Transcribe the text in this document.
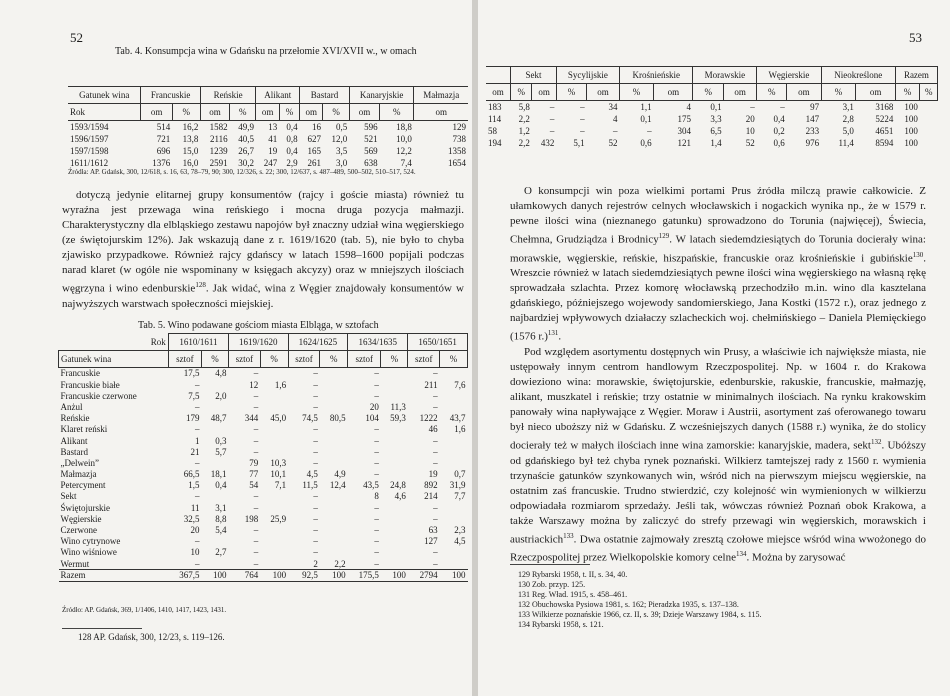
52
Tab. 4. Konsumpcja wina w Gdańsku na przełomie XVI/XVII w., w omach
Gatunek wina	Francuskie		Reńskie		Alikant		Bastard		Kanaryjskie		Małmazja
Rok	om	%	om	%	om	%	om	%	om	%	om
1593/1594	514	16,2	1582	49,9	13	0,4	16	0,5	596	18,8	129
1596/1597	721	13,8	2116	40,5	41	0,8	627	12,0	521	10,0	738
1597/1598	696	15,0	1239	26,7	19	0,4	165	3,5	569	12,2	1358
1611/1612	1376	16,0	2591	30,2	247	2,9	261	3,0	638	7,4	1654
Źródła: AP. Gdańsk, 300, 12/618, s. 16, 63, 78–79, 90; 300, 12/326, s. 22; 300, 12/637, s. 487–489, 500–502, 510–517, 524.

dotyczą jedynie elitarnej grupy konsumentów (rajcy i goście miasta) również tu wyraźna jest przewaga wina reńskiego i mocna druga pozycja małmazji. Charakterystyczny dla elbląskiego zestawu napojów był znaczny udział wina węgierskiego (ze świętojurskim 12%). Jak wskazują dane z r. 1619/1620 (tab. 5), nie było to chyba zjawisko przypadkowe. Również rajcy gdańscy w latach 1598–1600 popijali podczas narad klaret (w ogóle nie wspominany w księgach akcyzy) oraz w mniejszych ilościach węgrzyna i wino edenburskie$^{128}$. Jak widać, wina z Węgier znajdowały konsumentów w najwyższych warstwach społeczności miejskiej.

Tab. 5. Wino podawane gościom miasta Elbląga, w sztofach
Rok	1610/1611		1619/1620		1624/1625		1634/1635		1650/1651	
Gatunek wina	sztof	%	sztof	%	sztof	%	sztof	%	sztof	%
Francuskie	17,5	4,8	–		–		–		–	
Francuskie białe	–		12	1,6	–		–		211	7,6
Francuskie czerwone	7,5	2,0	–		–		–		–	
Anżul	–		–		–		20	11,3	–	
Reńskie	179	48,7	344	45,0	74,5	80,5	104	59,3	1222	43,7
Klaret reński	–		–		–		–		46	1,6
Alikant	1	0,3	–		–		–		–	
Bastard	21	5,7	–		–		–		–	
„Delwein”	–		79	10,3	–		–		–	
Małmazja	66,5	18,1	77	10,1	4,5	4,9	–		19	0,7
Petercyment	1,5	0,4	54	7,1	11,5	12,4	43,5	24,8	892	31,9
Sekt	–		–		–		8	4,6	214	7,7
Świętojurskie	11	3,1	–		–		–		–	
Węgierskie	32,5	8,8	198	25,9	–		–		–	
Czerwone	20	5,4	–		–		–		63	2,3
Wino cytrynowe	–		–		–		–		127	4,5
Wino wiśniowe	10	2,7	–		–		–		–	
Wermut	–		–		2	2,2	–		–	
Razem	367,5	100	764	100	92,5	100	175,5	100	2794	100
Źródło: AP. Gdańsk, 369, 1/1406, 1410, 1417, 1423, 1431.
128 AP. Gdańsk, 300, 12/23, s. 119–126.
53
	Sekt		Sycylijskie		Krośnieńskie		Morawskie		Węgierskie		Nieokreślone		Razem	
om	%	om	%	om	%	om	%	om	%	om	%	om	%	%
183	5,8	–	–	34	1,1	4	0,1	–	–	97	3,1	3168	100	
114	2,2	–	–	4	0,1	175	3,3	20	0,4	147	2,8	5224	100	
58	1,2	–	–	–	–	304	6,5	10	0,2	233	5,0	4651	100	
194	2,2	432	5,1	52	0,6	121	1,4	52	0,6	976	11,4	8594	100	

O konsumpcji win poza wielkimi portami Prus źródła milczą prawie całkowicie. Z ułamkowych danych rejestrów celnych włocławskich i nogackich wynika np., że w 1579 r. pewne ilości wina (nieznanego gatunku) sprowadzono do Torunia (najwięcej), Świecia, Chełmna, Grudziądza i Brodnicy$^{129}$. W latach siedemdziesiątych do Torunia docierały wina: morawskie, węgierskie, reńskie, hiszpańskie, francuskie oraz krośnieńskie i gubińskie$^{130}$. Wreszcie również w latach siedemdziesiątych pewne ilości wina węgierskiego na własną rękę sprowadzała szlachta. Przez komorę włocławską przechodziło m.in. wino dla kasztelana gdańskiego, późniejszego wojewody sandomierskiego, Jana Kostki (1572 r.), oraz jednego z najbardziej wpływowych działaczy szlacheckich woj. chełmińskiego – Daniela Plemięckiego (1576 r.)$^{131}$.

Pod względem asortymentu dostępnych win Prusy, a właściwie ich najwięksże miasta, nie ustępowały innym centrom handlowym Rzeczpospolitej. Np. w 1604 r. do Krakowa dowieziono wina: morawskie, świętojurskie, edenburskie, rakuskie, francuskie, małmazję, alikant, muszkatel i reńskie; trzy ostatnie w minimalnych ilościach. Na rynku krakowskim panowały wina napływające z Węgier. Moraw i Austrii, asortyment zaś oferowanego towaru był nieco uboższy niż w Gdańsku. Z wcześniejszych danych (1588 r.) wynika, że do stolicy docierały też w małych ilościach inne wina zamorskie: kanaryjskie, madera, sekt$^{132}$. Ubóższy od gdańskiego był też chyba rynek poznański. Wilkierz tamtejszej rady z 1560 r. wymienia trzynaście gatunków szynkowanych win, wśród nich na pierwszym miejscu węgierskie, na ostatnim zaś francuskie. Trudno stwierdzić, czy kolejność win wymienionych w wilkierzu odpowiadała rozmiarom sprzedaży. Jeśli tak, wówczas również Poznań obok Krakowa, a także Warszawy można by zaliczyć do strefy przewagi win węgierskich, morawskich i austriackich$^{133}$. Dwa ostatnie zajmowały zresztą czołowe miejsce wśród wina wwożonego do Rzeczpospolitej przez Wielkopolskie komory celne$^{134}$. Można by zarysować

129 Rybarski 1958, t. II, s. 34, 40.
130 Zob. przyp. 125.
131 Reg. Wład. 1915, s. 458–461.
132 Obuchowska Pysiowa 1981, s. 162; Pieradzka 1935, s. 137–138.
133 Wilkierze poznańskie 1966, cz. II, s. 39; Dzieje Warszawy 1984, s. 115.
134 Rybarski 1958, s. 121.
